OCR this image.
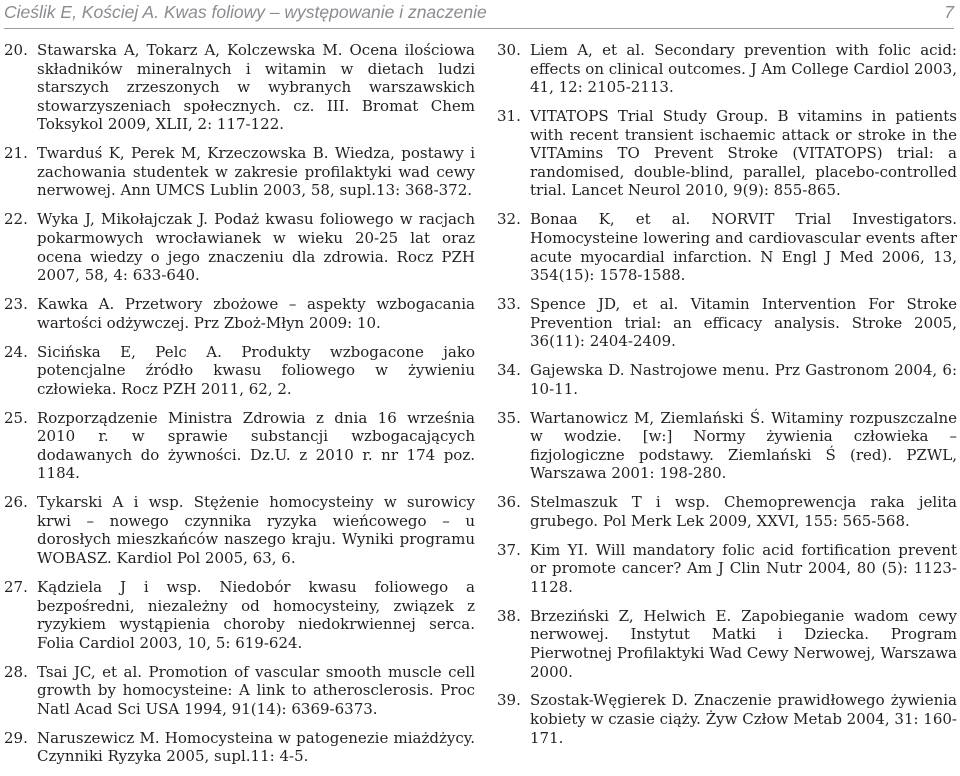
Cieślik E, Kościej A. Kwas foliowy – występowanie i znaczenie	7
20. Stawarska A, Tokarz A, Kolczewska M. Ocena ilościowa składników mineralnych i witamin w dietach ludzi starszych zrzeszonych w wybranych warszawskich stowarzyszeniach społecznych. cz. III. Bromat Chem Toksykol 2009, XLII, 2: 117-122.
21. Twarduś K, Perek M, Krzeczowska B. Wiedza, postawy i zachowania studentek w zakresie profilaktyki wad cewy nerwowej. Ann UMCS Lublin 2003, 58, supl.13: 368-372.
22. Wyka J, Mikołajczak J. Podaż kwasu foliowego w racjach pokarmowych wrocławianek w wieku 20-25 lat oraz ocena wiedzy o jego znaczeniu dla zdrowia. Rocz PZH 2007, 58, 4: 633-640.
23. Kawka A. Przetwory zbożowe – aspekty wzbogacania wartości odżywczej. Prz Zboż-Młyn 2009: 10.
24. Sicińska E, Pelc A. Produkty wzbogacone jako potencjalne źródło kwasu foliowego w żywieniu człowieka. Rocz PZH 2011, 62, 2.
25. Rozporządzenie Ministra Zdrowia z dnia 16 września 2010 r. w sprawie substancji wzbogacających dodawanych do żywności. Dz.U. z 2010 r. nr 174 poz. 1184.
26. Tykarski A i wsp. Stężenie homocysteiny w surowicy krwi – nowego czynnika ryzyka wieńcowego – u dorosłych mieszkańców naszego kraju. Wyniki programu WOBASZ. Kardiol Pol 2005, 63, 6.
27. Kądziela J i wsp. Niedobór kwasu foliowego a bezpośredni, niezależny od homocysteiny, związek z ryzykiem wystąpienia choroby niedokrwiennej serca. Folia Cardiol 2003, 10, 5: 619-624.
28. Tsai JC, et al. Promotion of vascular smooth muscle cell growth by homocysteine: A link to atherosclerosis. Proc Natl Acad Sci USA 1994, 91(14): 6369-6373.
29. Naruszewicz M. Homocysteina w patogenezie miażdżycy. Czynniki Ryzyka 2005, supl.11: 4-5.
30. Liem A, et al. Secondary prevention with folic acid: effects on clinical outcomes. J Am College Cardiol 2003, 41, 12: 2105-2113.
31. VITATOPS Trial Study Group. B vitamins in patients with recent transient ischaemic attack or stroke in the VITAmins TO Prevent Stroke (VITATOPS) trial: a randomised, double-blind, parallel, placebo-controlled trial. Lancet Neurol 2010, 9(9): 855-865.
32. Bonaa K, et al. NORVIT Trial Investigators. Homocysteine lowering and cardiovascular events after acute myocardial infarction. N Engl J Med 2006, 13, 354(15): 1578-1588.
33. Spence JD, et al. Vitamin Intervention For Stroke Prevention trial: an efficacy analysis. Stroke 2005, 36(11): 2404-2409.
34. Gajewska D. Nastrojowe menu. Prz Gastronom 2004, 6: 10-11.
35. Wartanowicz M, Ziemlański Ś. Witaminy rozpuszczalne w wodzie. [w:] Normy żywienia człowieka – fizjologiczne podstawy. Ziemlański Ś (red). PZWL, Warszawa 2001: 198-280.
36. Stelmaszuk T i wsp. Chemoprewencja raka jelita grubego. Pol Merk Lek 2009, XXVI, 155: 565-568.
37. Kim YI. Will mandatory folic acid fortification prevent or promote cancer? Am J Clin Nutr 2004, 80 (5): 1123-1128.
38. Brzeziński Z, Helwich E. Zapobieganie wadom cewy nerwowej. Instytut Matki i Dziecka. Program Pierwotnej Profilaktyki Wad Cewy Nerwowej, Warszawa 2000.
39. Szostak-Węgierek D. Znaczenie prawidłowego żywienia kobiety w czasie ciąży. Żyw Człow Metab 2004, 31: 160-171.
